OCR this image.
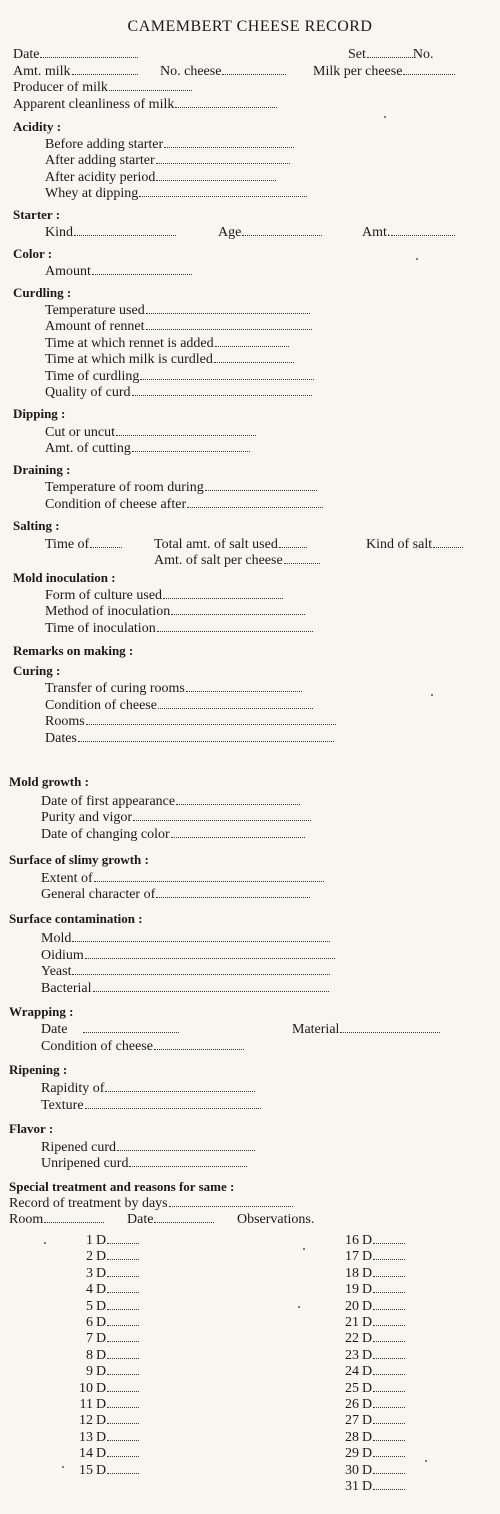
CAMEMBERT CHEESE RECORD
Date	Set	No.
Amt. milk	No. cheese	Milk per cheese
Producer of milk
Apparent cleanliness of milk
Acidity :
Before adding starter
After adding starter
After acidity period
Whey at dipping
Starter :
Kind	Age	Amt.
Color :
Amount
Curdling :
Temperature used
Amount of rennet
Time at which rennet is added
Time at which milk is curdled
Time of curdling
Quality of curd
Dipping :
Cut or uncut
Amt. of cutting
Draining :
Temperature of room during
Condition of cheese after
Salting :
Time of	Total amt. of salt used	Kind of salt
Amt. of salt per cheese
Mold inoculation :
Form of culture used
Method of inoculation
Time of inoculation
Remarks on making :
Curing :
Transfer of curing rooms
Condition of cheese
Rooms
Dates
Mold growth :
Date of first appearance
Purity and vigor
Date of changing color
Surface of slimy growth :
Extent of
General character of
Surface contamination :
Mold
Oidium
Yeast
Bacterial
Wrapping :
Date	Material
Condition of cheese
Ripening :
Rapidity of
Texture
Flavor :
Ripened curd
Unripened curd
Special treatment and reasons for same :
Record of treatment by days
Room	Date	Observations.
1 D
2 D
3 D
4 D
5 D
6 D
7 D
8 D
9 D
10 D
11 D
12 D
13 D
14 D
15 D
16 D
17 D
18 D
19 D
20 D
21 D
22 D
23 D
24 D
25 D
26 D
27 D
28 D
29 D
30 D
31 D
